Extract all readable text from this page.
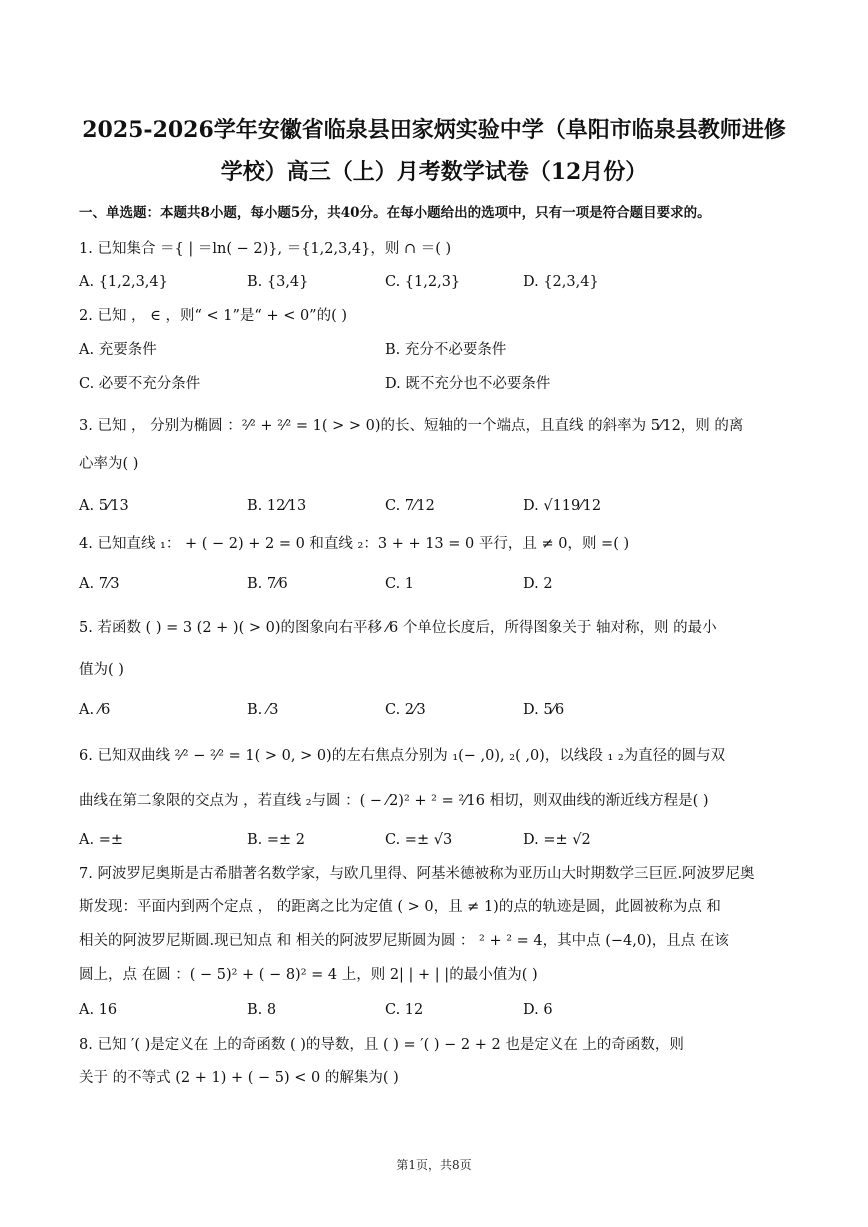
2025-2026学年安徽省临泉县田家炳实验中学（阜阳市临泉县教师进修
学校）高三（上）月考数学试卷（12月份）
一、单选题：本题共8小题，每小题5分，共40分。在每小题给出的选项中，只有一项是符合题目要求的。
1. 已知集合 ＝{ | ＝ln( − 2)}, ＝{1,2,3,4}，则 ∩ ＝( )
A. {1,2,3,4}	B. {3,4}	C. {1,2,3}	D. {2,3,4}
2. 已知 ， ∈ ，则“ < 1”是“ + < 0”的( )
A. 充要条件	B. 充分不必要条件
C. 必要不充分条件	D. 既不充分也不必要条件
3. 已知 ， 分别为椭圆 ：²⁄² + ²⁄² = 1( > > 0)的长、短轴的一个端点，且直线 的斜率为 5⁄12，则 的离
心率为( )
A. 5⁄13	B. 12⁄13	C. 7⁄12	D. √119⁄12
4. 已知直线 ₁： + ( − 2) + 2 = 0 和直线 ₂：3 + + 13 = 0 平行，且 ≠ 0，则 =( )
A. 7⁄3	B. 7⁄6	C. 1	D. 2
5. 若函数 ( ) = 3 (2 + )( > 0)的图象向右平移 ⁄6 个单位长度后，所得图象关于 轴对称，则 的最小
值为( )
A. ⁄6	B. ⁄3	C. 2⁄3	D. 5⁄6
6. 已知双曲线 ²⁄² − ²⁄² = 1( > 0, > 0)的左右焦点分别为 ₁(− ,0), ₂( ,0)，以线段 ₁ ₂为直径的圆与双
曲线在第二象限的交点为 ，若直线 ₂与圆 ：( − ⁄2)² + ² = ²⁄16 相切，则双曲线的渐近线方程是( )
A. =±	B. =± 2	C. =± √3	D. =± √2
7. 阿波罗尼奥斯是古希腊著名数学家，与欧几里得、阿基米德被称为亚历山大时期数学三巨匠.阿波罗尼奥
斯发现：平面内到两个定点 ， 的距离之比为定值 ( > 0，且 ≠ 1)的点的轨迹是圆，此圆被称为点 和
相关的阿波罗尼斯圆.现已知点 和 相关的阿波罗尼斯圆为圆 ： ² + ² = 4，其中点 (−4,0)，且点 在该
圆上，点 在圆 ：( − 5)² + ( − 8)² = 4 上，则 2| | + | |的最小值为( )
A. 16	B. 8	C. 12	D. 6
8. 已知 ′( )是定义在 上的奇函数 ( )的导数，且 ( ) = ′( ) − 2 + 2 也是定义在 上的奇函数，则
关于 的不等式 (2 + 1) + ( − 5) < 0 的解集为( )
第1页，共8页
